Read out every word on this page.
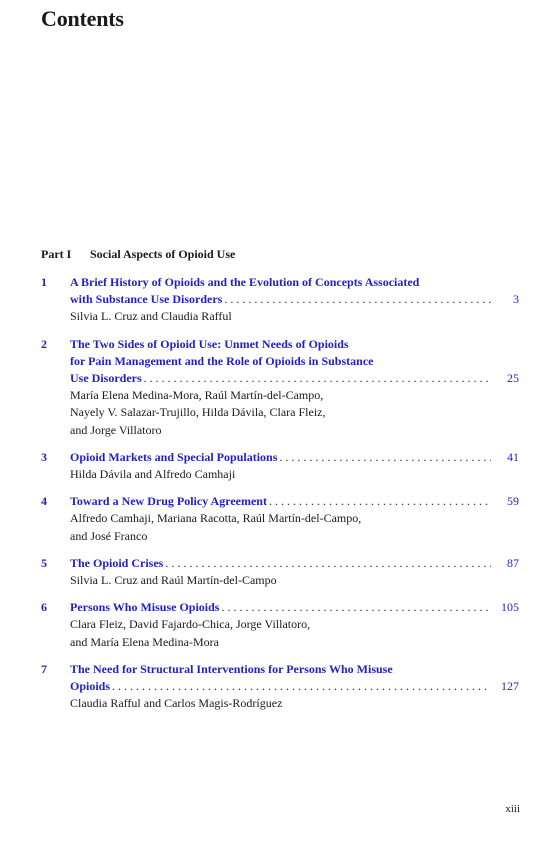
Contents
Part I Social Aspects of Opioid Use
1 A Brief History of Opioids and the Evolution of Concepts Associated
with Substance Use Disorders . . .	3
Silvia L. Cruz and Claudia Rafful
2 The Two Sides of Opioid Use: Unmet Needs of Opioids
for Pain Management and the Role of Opioids in Substance
Use Disorders . . .	25
María Elena Medina-Mora, Raúl Martín-del-Campo,
Nayely V. Salazar-Trujillo, Hilda Dávila, Clara Fleiz,
and Jorge Villatoro
3 Opioid Markets and Special Populations . . .	41
Hilda Dávila and Alfredo Camhaji
4 Toward a New Drug Policy Agreement . . .	59
Alfredo Camhaji, Mariana Racotta, Raúl Martín-del-Campo,
and José Franco
5 The Opioid Crises . . .	87
Silvia L. Cruz and Raúl Martín-del-Campo
6 Persons Who Misuse Opioids . . .	105
Clara Fleiz, David Fajardo-Chica, Jorge Villatoro,
and María Elena Medina-Mora
7 The Need for Structural Interventions for Persons Who Misuse
Opioids . . .	127
Claudia Rafful and Carlos Magis-Rodríguez
xiii
